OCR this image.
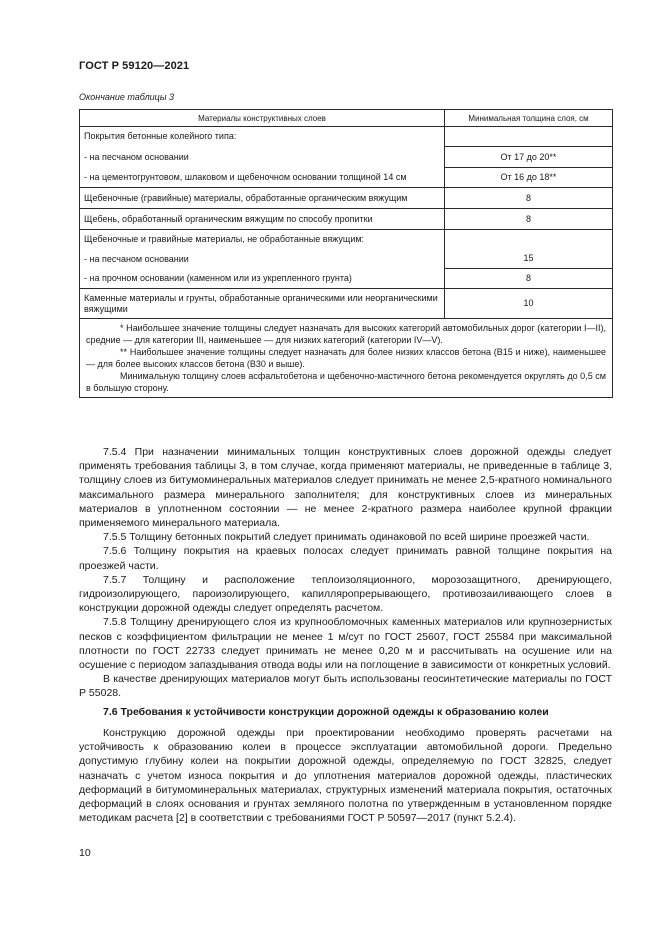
ГОСТ Р 59120—2021
Окончание таблицы 3
Материалы конструктивных слоев	Минимальная толщина слоя, см
Покрытия бетонные колейного типа:	
- на песчаном основании	От 17 до 20**
- на цементогрунтовом, шлаковом и щебеночном основании толщиной 14 см	От 16 до 18**
Щебеночные (гравийные) материалы, обработанные органическим вяжущим	8
Щебень, обработанный органическим вяжущим по способу пропитки	8
Щебеночные и гравийные материалы, не обработанные вяжущим:	
- на песчаном основании	15
- на прочном основании (каменном или из укрепленного грунта)	8
Каменные материалы и грунты, обработанные органическими или неорганическими вяжущими	10

* Наибольшее значение толщины следует назначать для высоких категорий автомобильных дорог (категории I—II), средние — для категории III, наименьшее — для низких категорий (категории IV—V).

** Наибольшее значение толщины следует назначать для более низких классов бетона (B15 и ниже), наименьшее — для более высоких классов бетона (B30 и выше).

Минимальную толщину слоев асфальтобетона и щебеночно-мастичного бетона рекомендуется округлять до 0,5 см в большую сторону.	

7.5.4 При назначении минимальных толщин конструктивных слоев дорожной одежды следует применять требования таблицы 3, в том случае, когда применяют материалы, не приведенные в таблице 3, толщину слоев из битумоминеральных материалов следует принимать не менее 2,5-кратного номинального максимального размера минерального заполнителя; для конструктивных слоев из минеральных материалов в уплотненном состоянии — не менее 2-кратного размера наиболее крупной фракции применяемого минерального материала.

7.5.5 Толщину бетонных покрытий следует принимать одинаковой по всей ширине проезжей части.

7.5.6 Толщину покрытия на краевых полосах следует принимать равной толщине покрытия на проезжей части.

7.5.7 Толщину и расположение теплоизоляционного, морозозащитного, дренирующего, гидроизолирующего, пароизолирующего, капилляропрерывающего, противозаиливающего слоев в конструкции дорожной одежды следует определять расчетом.

7.5.8 Толщину дренирующего слоя из крупнообломочных каменных материалов или крупнозернистых песков с коэффициентом фильтрации не менее 1 м/сут по ГОСТ 25607, ГОСТ 25584 при максимальной плотности по ГОСТ 22733 следует принимать не менее 0,20 м и рассчитывать на осушение или на осушение с периодом запаздывания отвода воды или на поглощение в зависимости от конкретных условий.

В качестве дренирующих материалов могут быть использованы геосинтетические материалы по ГОСТ Р 55028.

7.6 Требования к устойчивости конструкции дорожной одежды к образованию колеи

Конструкцию дорожной одежды при проектировании необходимо проверять расчетами на устойчивость к образованию колеи в процессе эксплуатации автомобильной дороги. Предельно допустимую глубину колеи на покрытии дорожной одежды, определяемую по ГОСТ 32825, следует назначать с учетом износа покрытия и до уплотнения материалов дорожной одежды, пластических деформаций в битумоминеральных материалах, структурных изменений материала покрытия, остаточных деформаций в слоях основания и грунтах земляного полотна по утвержденным в установленном порядке методикам расчета [2] в соответствии с требованиями ГОСТ Р 50597—2017 (пункт 5.2.4).

10
